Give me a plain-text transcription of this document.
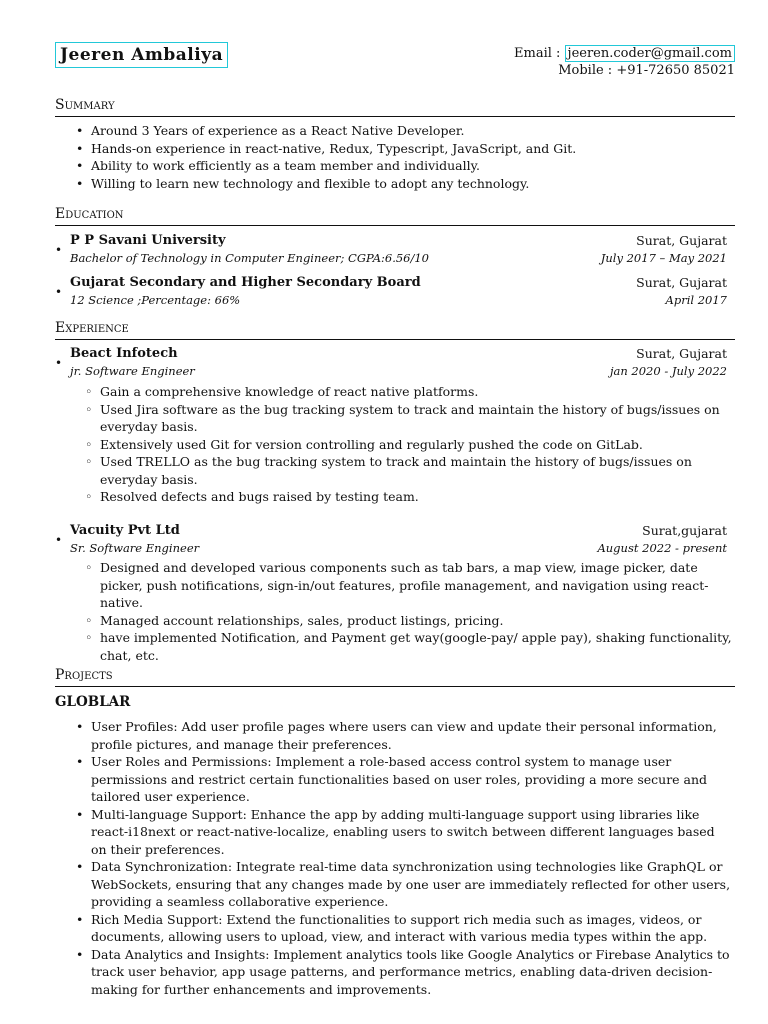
Jeeren Ambaliya	Email : jeeren.coder@gmail.com
Mobile : +91-72650 85021
Summary
• Around 3 Years of experience as a React Native Developer.
• Hands-on experience in react-native, Redux, Typescript, JavaScript, and Git.
• Ability to work efficiently as a team member and individually.
• Willing to learn new technology and flexible to adopt any technology.
Education
•
P P Savani University	Surat, Gujarat
Bachelor of Technology in Computer Engineer; CGPA:6.56/10	July 2017 – May 2021
•
Gujarat Secondary and Higher Secondary Board	Surat, Gujarat
12 Science ;Percentage: 66%	April 2017
Experience
•
Beact Infotech	Surat, Gujarat
jr. Software Engineer	jan 2020 - July 2022
◦ Gain a comprehensive knowledge of react native platforms.
◦ Used Jira software as the bug tracking system to track and maintain the history of bugs/issues on everyday basis.
◦ Extensively used Git for version controlling and regularly pushed the code on GitLab.
◦ Used TRELLO as the bug tracking system to track and maintain the history of bugs/issues on everyday basis.
◦ Resolved defects and bugs raised by testing team.
•
Vacuity Pvt Ltd	Surat,gujarat
Sr. Software Engineer	August 2022 - present
◦ Designed and developed various components such as tab bars, a map view, image picker, date picker, push notifications, sign-in/out features, profile management, and navigation using react-native.
◦ Managed account relationships, sales, product listings, pricing.
◦ have implemented Notification, and Payment get way(google-pay/ apple pay), shaking functionality, chat, etc.
Projects
GLOBLAR
• User Profiles: Add user profile pages where users can view and update their personal information, profile pictures, and manage their preferences.
• User Roles and Permissions: Implement a role-based access control system to manage user permissions and restrict certain functionalities based on user roles, providing a more secure and tailored user experience.
• Multi-language Support: Enhance the app by adding multi-language support using libraries like react-i18next or react-native-localize, enabling users to switch between different languages based on their preferences.
• Data Synchronization: Integrate real-time data synchronization using technologies like GraphQL or WebSockets, ensuring that any changes made by one user are immediately reflected for other users, providing a seamless collaborative experience.
• Rich Media Support: Extend the functionalities to support rich media such as images, videos, or documents, allowing users to upload, view, and interact with various media types within the app.
• Data Analytics and Insights: Implement analytics tools like Google Analytics or Firebase Analytics to track user behavior, app usage patterns, and performance metrics, enabling data-driven decision-making for further enhancements and improvements.
